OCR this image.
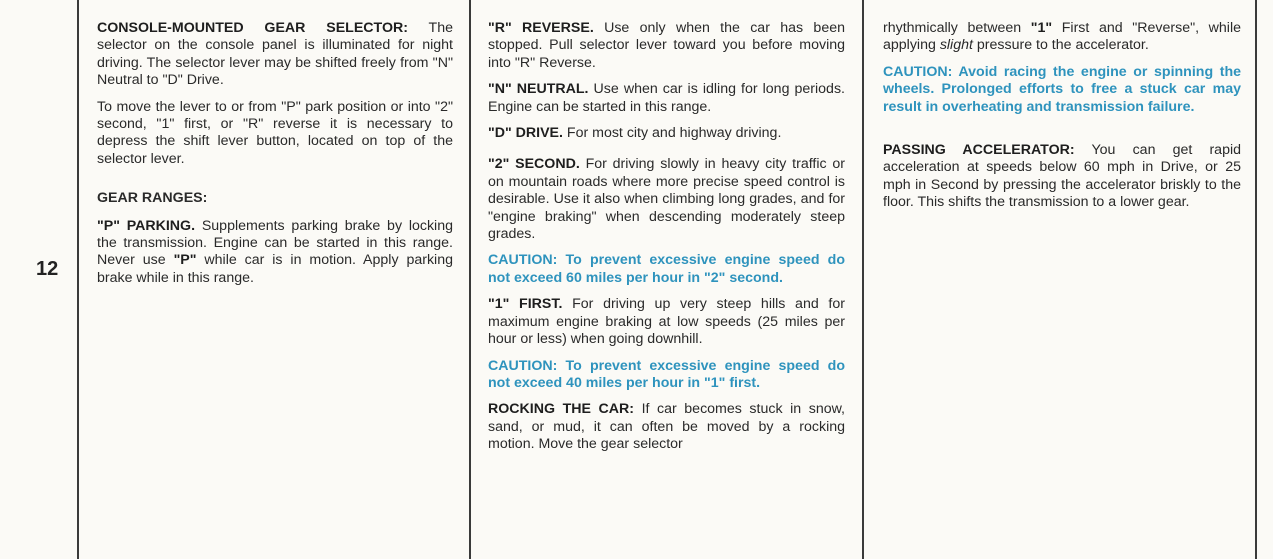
12

CONSOLE-MOUNTED GEAR SELECTOR: The selector on the console panel is illuminated for night driving. The selector lever may be shifted freely from "N" Neutral to "D" Drive.

To move the lever to or from "P" park position or into "2" second, "1" first, or "R" reverse it is necessary to depress the shift lever button, located on top of the selector lever.

GEAR RANGES:

"P" PARKING. Supplements parking brake by locking the transmission. Engine can be started in this range. Never use "P" while car is in motion. Apply parking brake while in this range.

"R" REVERSE. Use only when the car has been stopped. Pull selector lever toward you before moving into "R" Reverse.

"N" NEUTRAL. Use when car is idling for long periods. Engine can be started in this range.

"D" DRIVE. For most city and highway driving.

"2" SECOND. For driving slowly in heavy city traffic or on mountain roads where more precise speed control is desirable. Use it also when climbing long grades, and for "engine braking" when descending moderately steep grades.

CAUTION: To prevent excessive engine speed do not exceed 60 miles per hour in "2" second.

"1" FIRST. For driving up very steep hills and for maximum engine braking at low speeds (25 miles per hour or less) when going downhill.

CAUTION: To prevent excessive engine speed do not exceed 40 miles per hour in "1" first.

ROCKING THE CAR: If car becomes stuck in snow, sand, or mud, it can often be moved by a rocking motion. Move the gear selector

rhythmically between "1" First and "Reverse", while applying slight pressure to the accelerator.

CAUTION: Avoid racing the engine or spinning the wheels. Prolonged efforts to free a stuck car may result in overheating and transmission failure.

PASSING ACCELERATOR: You can get rapid acceleration at speeds below 60 mph in Drive, or 25 mph in Second by pressing the accelerator briskly to the floor. This shifts the transmission to a lower gear.
